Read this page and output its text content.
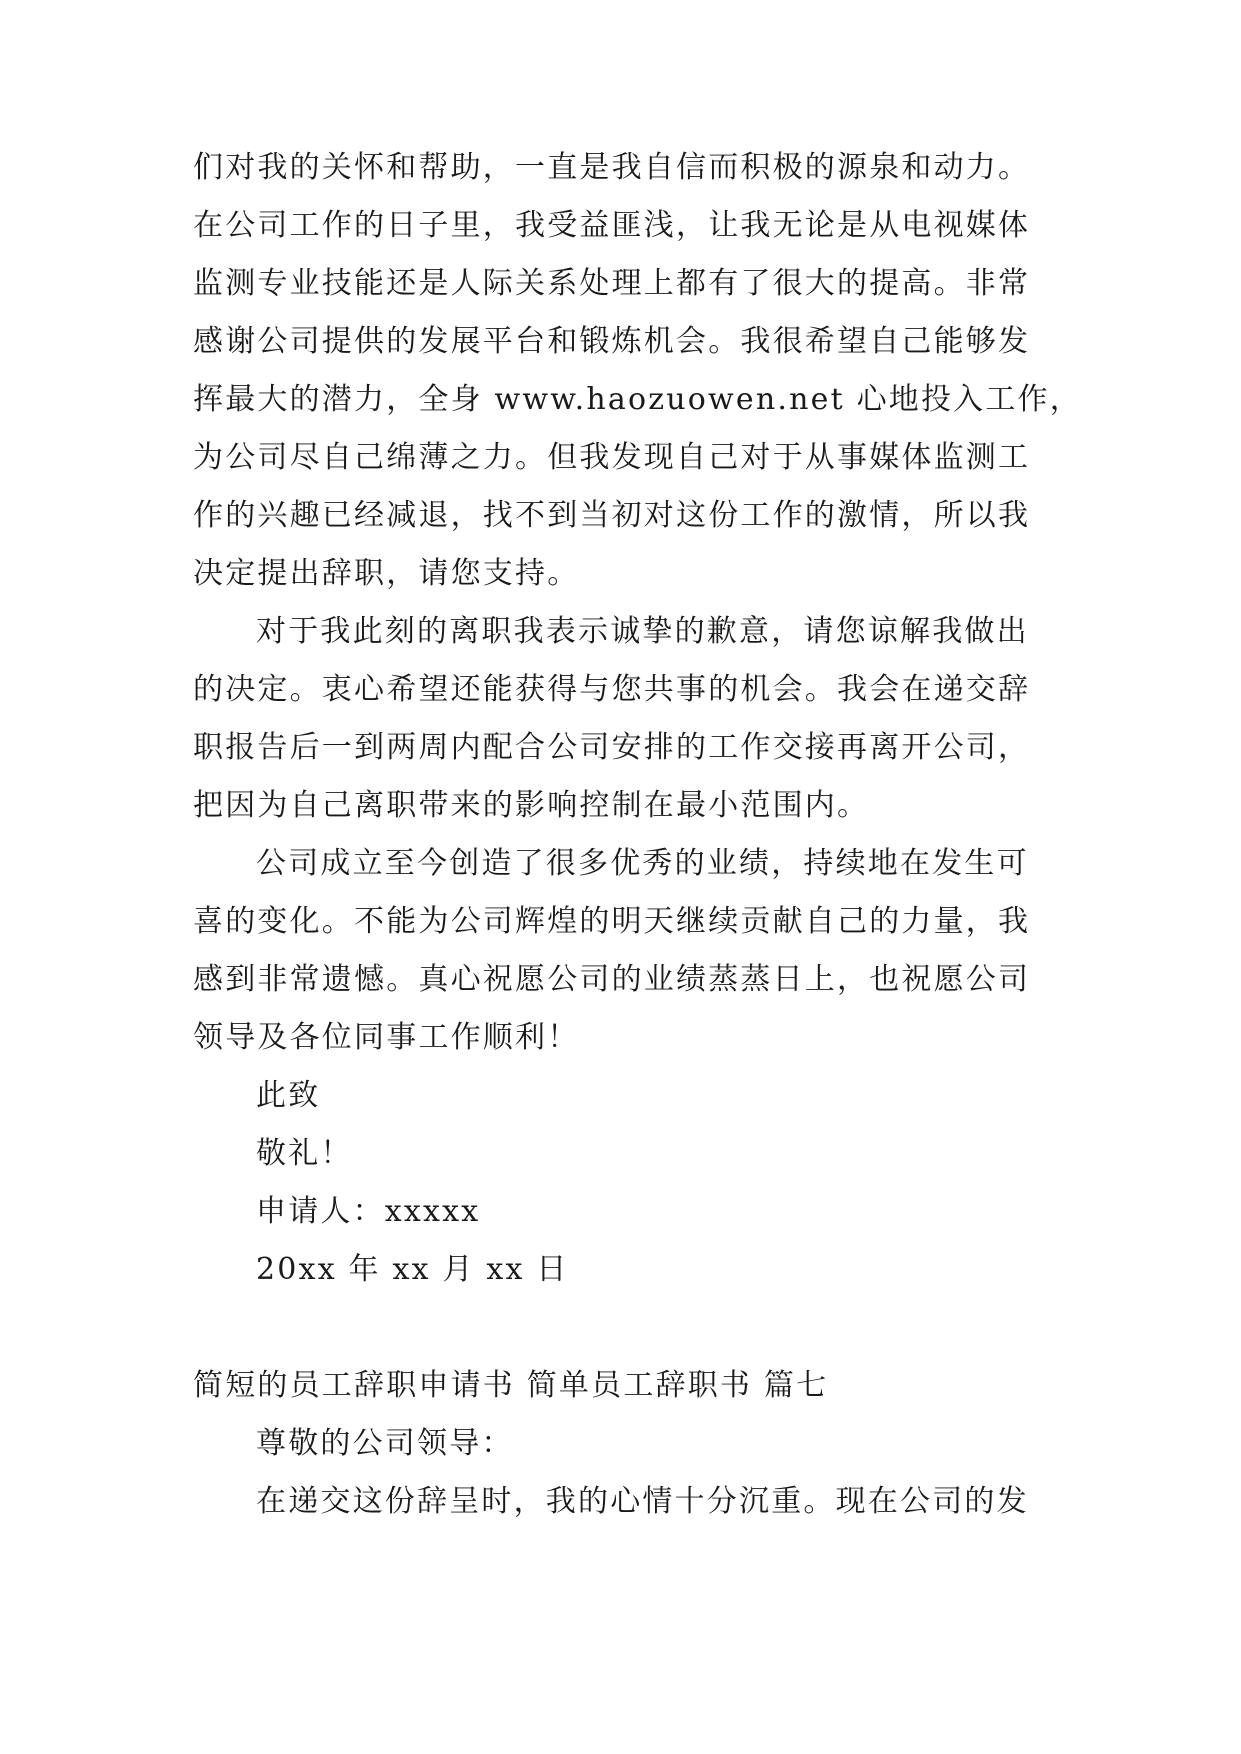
们对我的关怀和帮助，一直是我自信而积极的源泉和动力。
在公司工作的日子里，我受益匪浅，让我无论是从电视媒体
监测专业技能还是人际关系处理上都有了很大的提高。非常
感谢公司提供的发展平台和锻炼机会。我很希望自己能够发
挥最大的潜力，全身 www.haozuowen.net 心地投入工作，
为公司尽自己绵薄之力。但我发现自己对于从事媒体监测工
作的兴趣已经减退，找不到当初对这份工作的激情，所以我
决定提出辞职，请您支持。
对于我此刻的离职我表示诚挚的歉意，请您谅解我做出
的决定。衷心希望还能获得与您共事的机会。我会在递交辞
职报告后一到两周内配合公司安排的工作交接再离开公司，
把因为自己离职带来的影响控制在最小范围内。
公司成立至今创造了很多优秀的业绩，持续地在发生可
喜的变化。不能为公司辉煌的明天继续贡献自己的力量，我
感到非常遗憾。真心祝愿公司的业绩蒸蒸日上，也祝愿公司
领导及各位同事工作顺利！
此致
敬礼！
申请人：xxxxx
20xx 年 xx 月 xx 日
简短的员工辞职申请书 简单员工辞职书 篇七
尊敬的公司领导：
在递交这份辞呈时，我的心情十分沉重。现在公司的发
